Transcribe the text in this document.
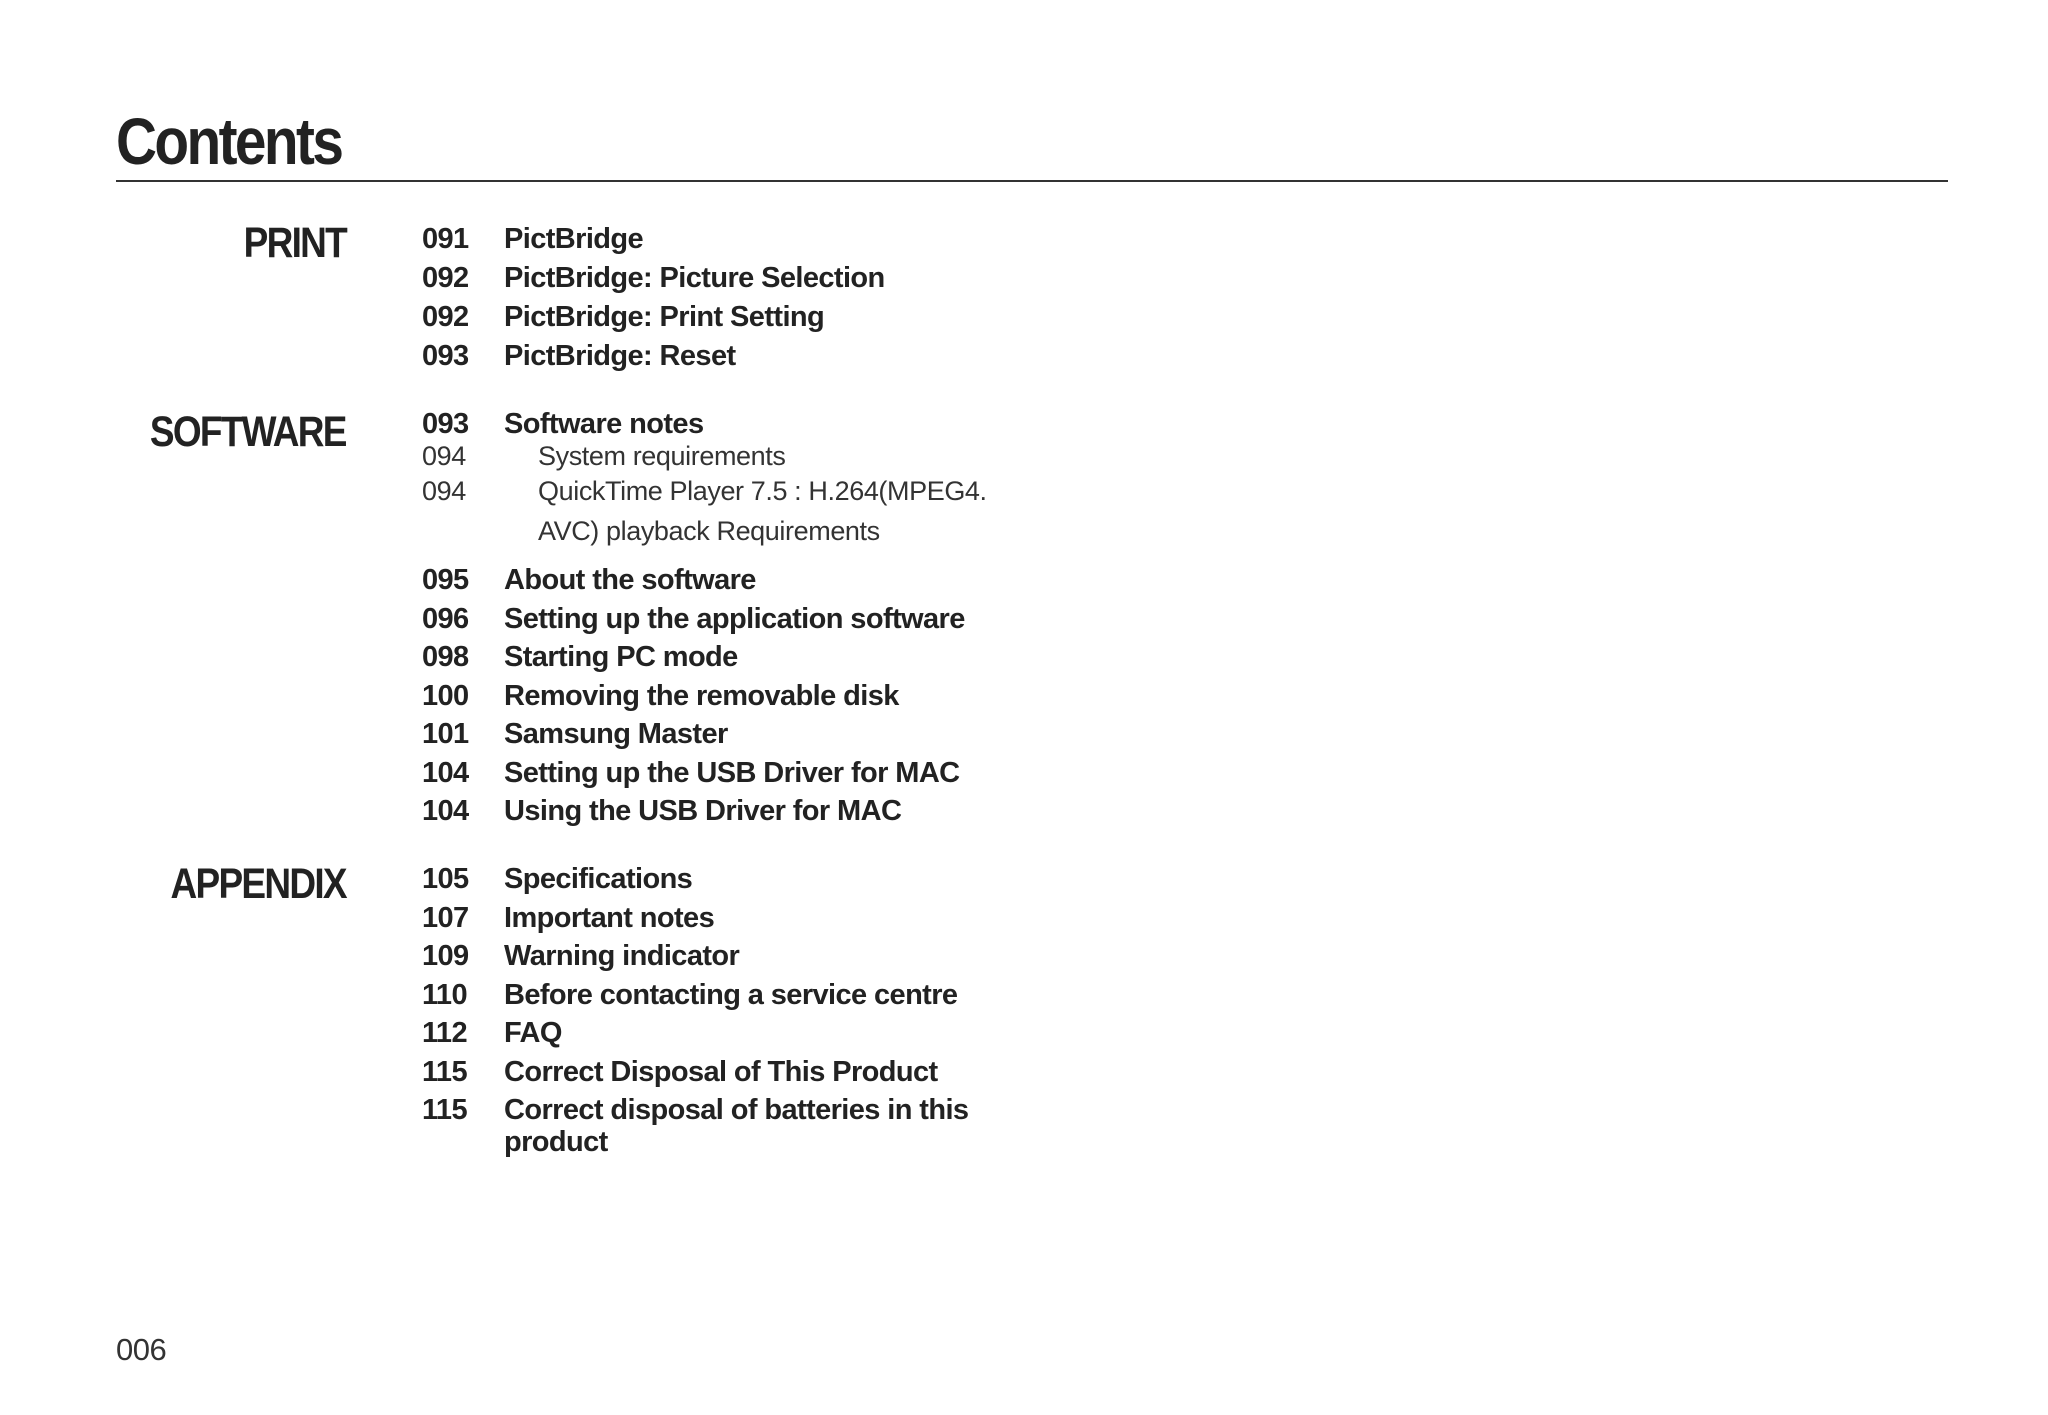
Contents
PRINT	091 PictBridge
092 PictBridge: Picture Selection
092 PictBridge: Print Setting
093 PictBridge: Reset
SOFTWARE	093 Software notes
094	System requirements
094	QuickTime Player 7.5 : H.264(MPEG4.
AVC) playback Requirements
095 About the software
096 Setting up the application software
098 Starting PC mode
100 Removing the removable disk
101 Samsung Master
104 Setting up the USB Driver for MAC
104 Using the USB Driver for MAC
APPENDIX	105 Specifications
107 Important notes
109 Warning indicator
110 Before contacting a service centre
112 FAQ
115 Correct Disposal of This Product
115 Correct disposal of batteries in this
product
006
